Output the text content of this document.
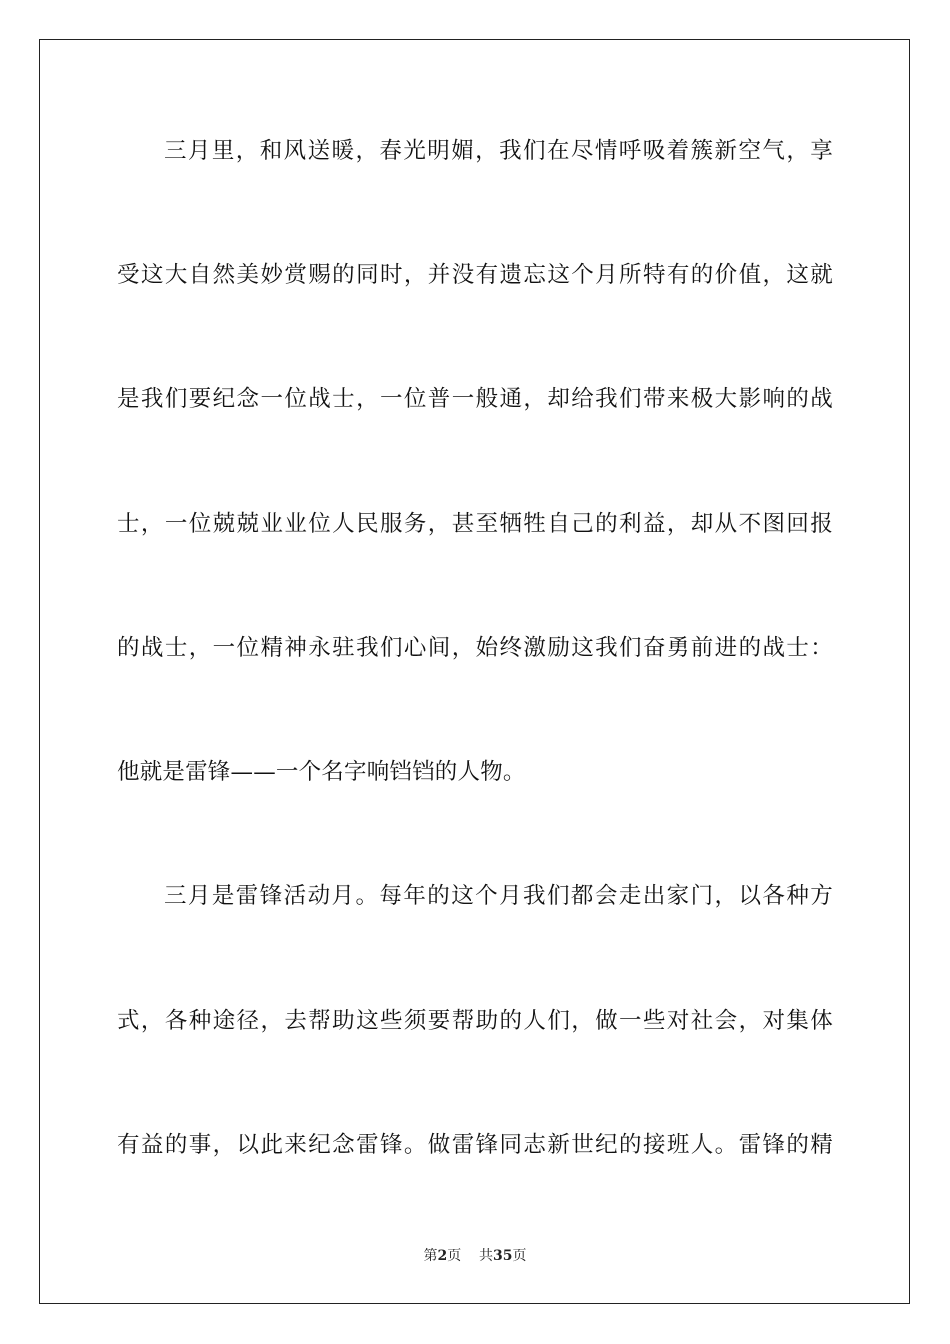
三月里，和风送暖，春光明媚，我们在尽情呼吸着簇新空气，享
受这大自然美妙赏赐的同时，并没有遗忘这个月所特有的价值，这就
是我们要纪念一位战士，一位普一般通，却给我们带来极大影响的战
士，一位兢兢业业位人民服务，甚至牺牲自己的利益，却从不图回报
的战士，一位精神永驻我们心间，始终激励这我们奋勇前进的战士：
他就是雷锋——一个名字响铛铛的人物。
三月是雷锋活动月。每年的这个月我们都会走出家门，以各种方
式，各种途径，去帮助这些须要帮助的人们，做一些对社会，对集体
有益的事，以此来纪念雷锋。做雷锋同志新世纪的接班人。雷锋的精
第2页 共35页
